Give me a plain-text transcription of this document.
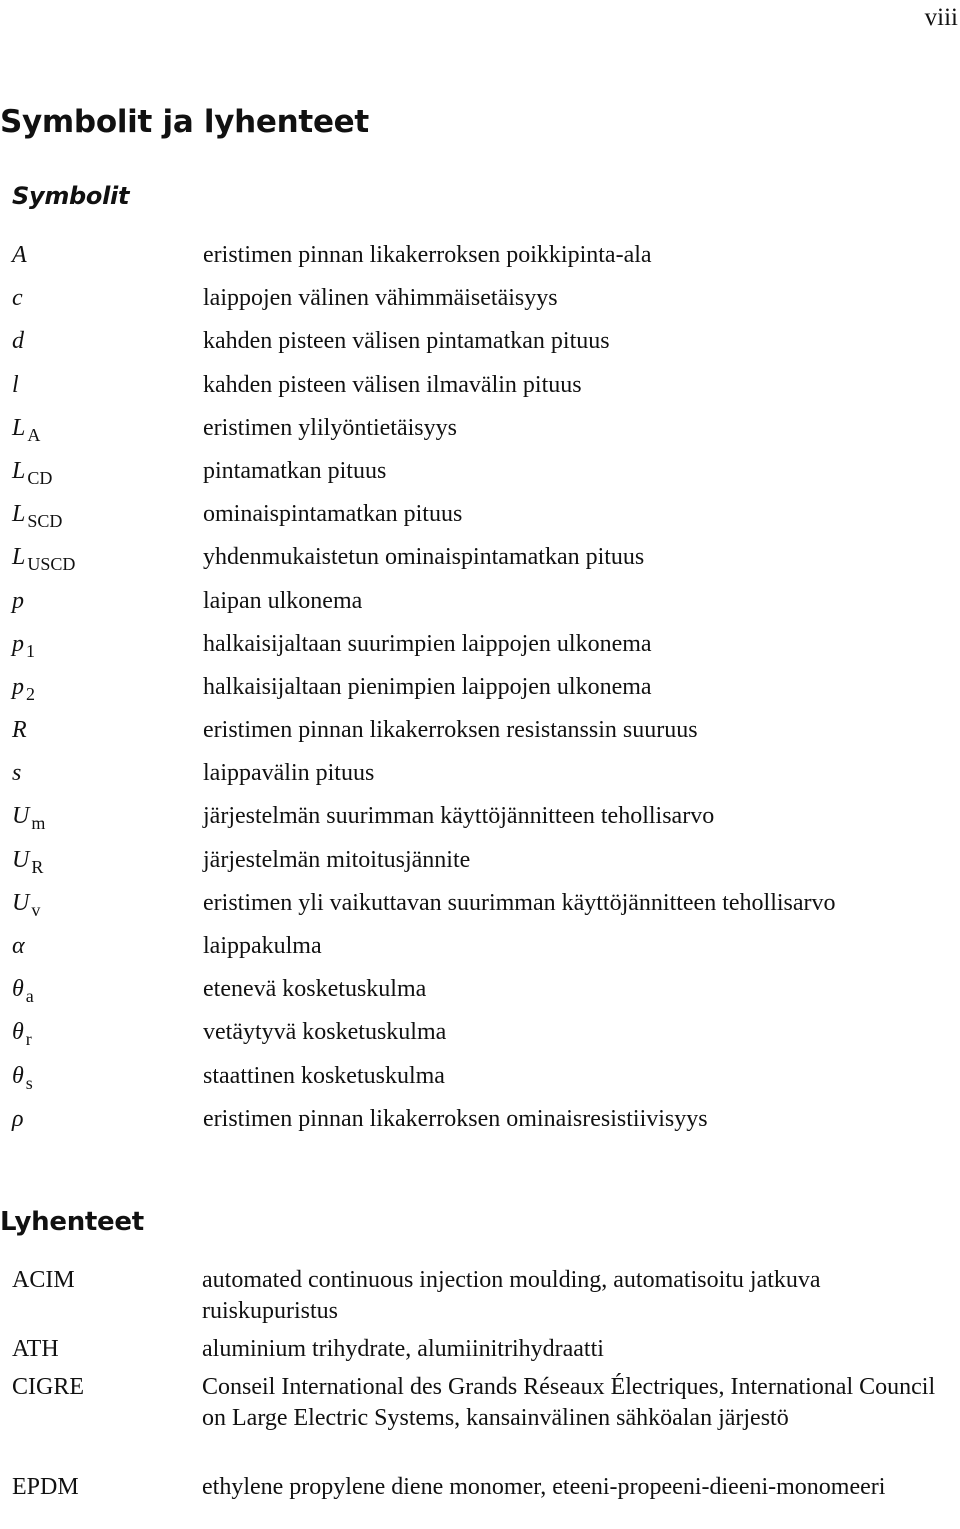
viii
Symbolit ja lyhenteet
Symbolit
A	eristimen pinnan likakerroksen poikkipinta-ala
c	laippojen välinen vähimmäisetäisyys
d	kahden pisteen välisen pintamatkan pituus
l	kahden pisteen välisen ilmavälin pituus
L $_A$	eristimen ylilyöntietäisyys
L $_{CD}$	pintamatkan pituus
L $_{SCD}$	ominaispintamatkan pituus
L $_{USCD}$	yhdenmukaistetun ominaispintamatkan pituus
p	laipan ulkonema
p $_1$	halkaisijaltaan suurimpien laippojen ulkonema
p $_2$	halkaisijaltaan pienimpien laippojen ulkonema
R	eristimen pinnan likakerroksen resistanssin suuruus
s	laippavälin pituus
U $_m$	järjestelmän suurimman käyttöjännitteen tehollisarvo
U $_R$	järjestelmän mitoitusjännite
U $_v$	eristimen yli vaikuttavan suurimman käyttöjännitteen tehollisarvo
α	laippakulma
θ $_a$	etenevä kosketuskulma
θ $_r$	vetäytyvä kosketuskulma
θ $_s$	staattinen kosketuskulma
ρ	eristimen pinnan likakerroksen ominaisresistiivisyys
Lyhenteet
ACIM	automated continuous injection moulding, automatisoitu jatkuva ruiskupuristus
ATH	aluminium trihydrate, alumiinitrihydraatti
CIGRE	Conseil International des Grands Réseaux Électriques, International Council on Large Electric Systems, kansainvälinen sähköalan järjestö
EPDM	ethylene propylene diene monomer, eteeni-propeeni-dieeni-monomeeri
